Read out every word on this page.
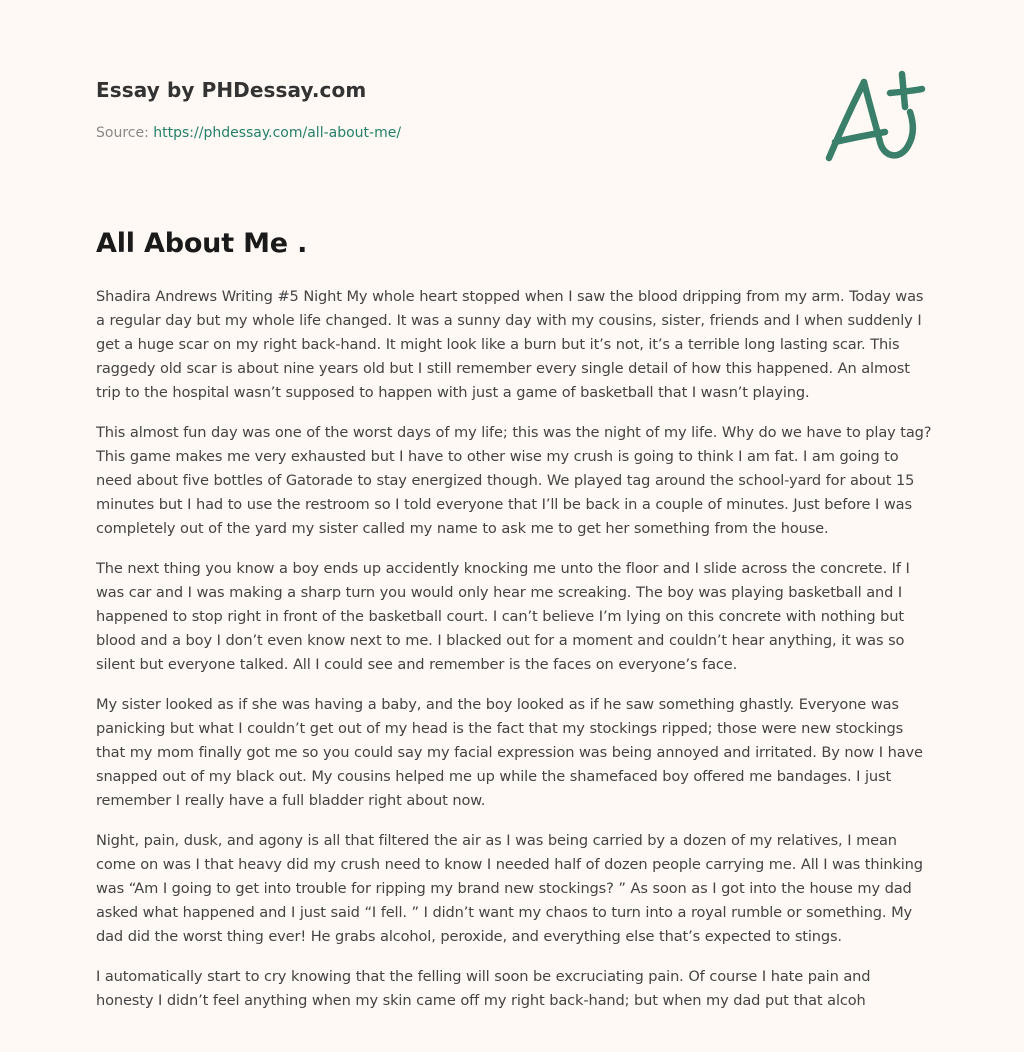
Essay by PHDessay.com
Source: https://phdessay.com/all-about-me/
All About Me .

Shadira Andrews Writing #5 Night My whole heart stopped when I saw the blood dripping from my arm. Today was a regular day but my whole life changed. It was a sunny day with my cousins, sister, friends and I when suddenly I get a huge scar on my right back-hand. It might look like a burn but it’s not, it’s a terrible long lasting scar. This raggedy old scar is about nine years old but I still remember every single detail of how this happened. An almost trip to the hospital wasn’t supposed to happen with just a game of basketball that I wasn’t playing.

This almost fun day was one of the worst days of my life; this was the night of my life. Why do we have to play tag? This game makes me very exhausted but I have to other wise my crush is going to think I am fat. I am going to need about five bottles of Gatorade to stay energized though. We played tag around the school-yard for about 15 minutes but I had to use the restroom so I told everyone that I’ll be back in a couple of minutes. Just before I was completely out of the yard my sister called my name to ask me to get her something from the house.

The next thing you know a boy ends up accidently knocking me unto the floor and I slide across the concrete. If I was car and I was making a sharp turn you would only hear me screaking. The boy was playing basketball and I happened to stop right in front of the basketball court. I can’t believe I’m lying on this concrete with nothing but blood and a boy I don’t even know next to me. I blacked out for a moment and couldn’t hear anything, it was so silent but everyone talked. All I could see and remember is the faces on everyone’s face.

My sister looked as if she was having a baby, and the boy looked as if he saw something ghastly. Everyone was panicking but what I couldn’t get out of my head is the fact that my stockings ripped; those were new stockings that my mom finally got me so you could say my facial expression was being annoyed and irritated. By now I have snapped out of my black out. My cousins helped me up while the shamefaced boy offered me bandages. I just remember I really have a full bladder right about now.

Night, pain, dusk, and agony is all that filtered the air as I was being carried by a dozen of my relatives, I mean come on was I that heavy did my crush need to know I needed half of dozen people carrying me. All I was thinking was “Am I going to get into trouble for ripping my brand new stockings? ” As soon as I got into the house my dad asked what happened and I just said “I fell. ” I didn’t want my chaos to turn into a royal rumble or something. My dad did the worst thing ever! He grabs alcohol, peroxide, and everything else that’s expected to stings.

I automatically start to cry knowing that the felling will soon be excruciating pain. Of course I hate pain and honesty I didn’t feel anything when my skin came off my right back-hand; but when my dad put that alcoh
